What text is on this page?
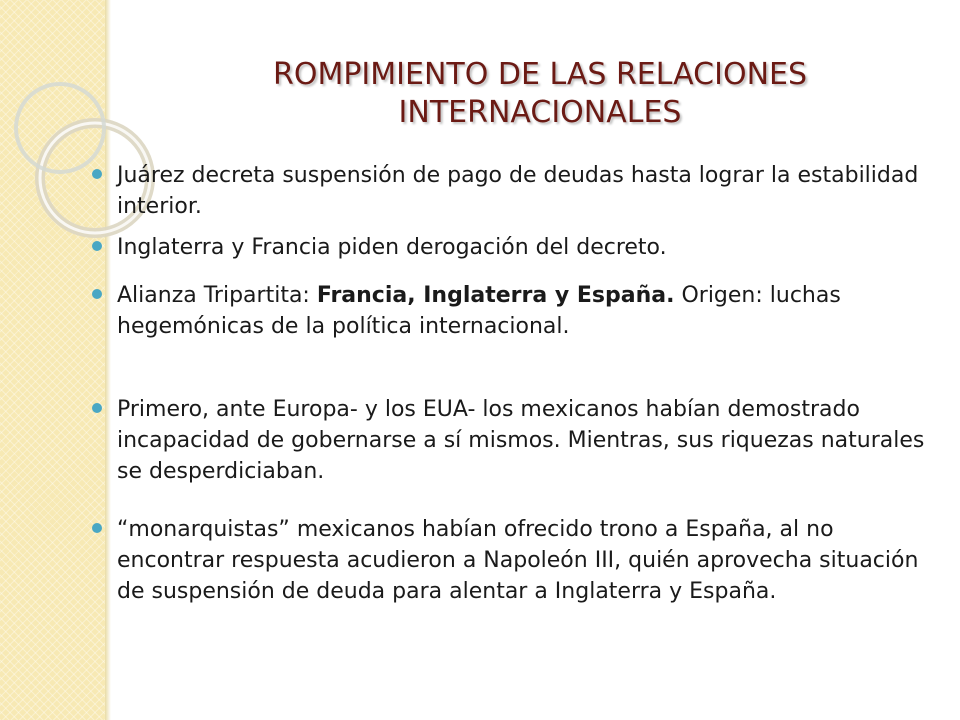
ROMPIMIENTO DE LAS RELACIONES
INTERNACIONALES
Juárez decreta suspensión de pago de deudas hasta lograr la estabilidad interior.
Inglaterra y Francia piden derogación del decreto.
Alianza Tripartita: Francia, Inglaterra y España. Origen: luchas hegemónicas de la política internacional.
Primero, ante Europa- y los EUA- los mexicanos habían demostrado incapacidad de gobernarse a sí mismos. Mientras, sus riquezas naturales se desperdiciaban.
“monarquistas” mexicanos habían ofrecido trono a España, al no encontrar respuesta acudieron a Napoleón III, quién aprovecha situación de suspensión de deuda para alentar a Inglaterra y España.
